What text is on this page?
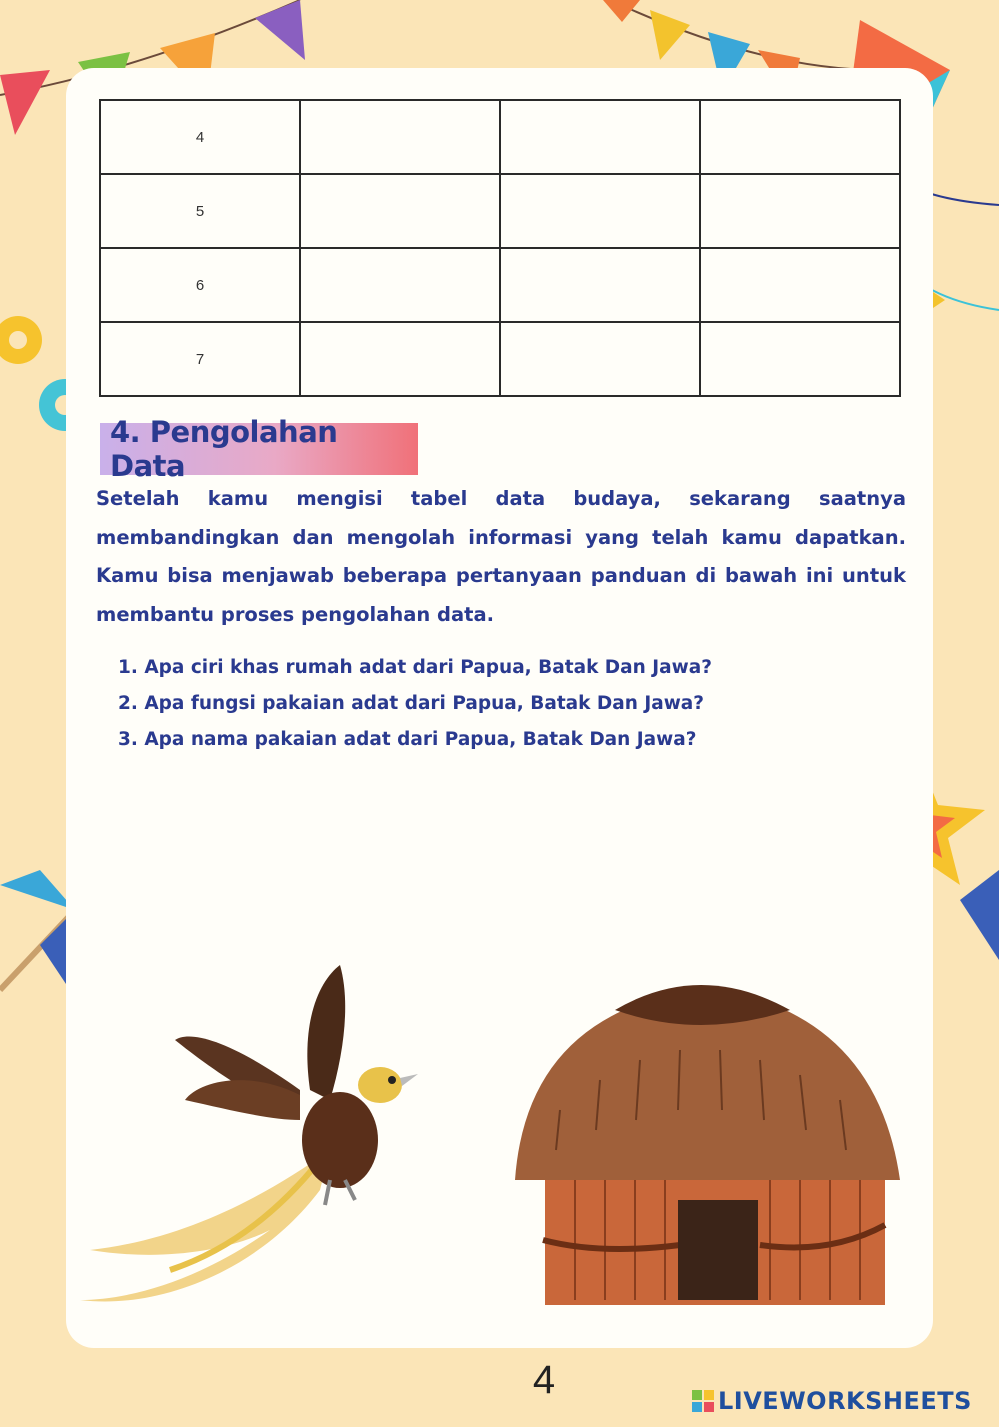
4			
5			
6			
7			
4. Pengolahan Data

Setelah kamu mengisi tabel data budaya, sekarang saatnya membandingkan dan mengolah informasi yang telah kamu dapatkan. Kamu bisa menjawab beberapa pertanyaan panduan di bawah ini untuk membantu proses pengolahan data.

1. Apa ciri khas rumah adat dari Papua, Batak Dan Jawa?
2. Apa fungsi pakaian adat dari Papua, Batak Dan Jawa?
3. Apa nama pakaian adat dari Papua, Batak Dan Jawa?
4	LIVEWORKSHEETS
